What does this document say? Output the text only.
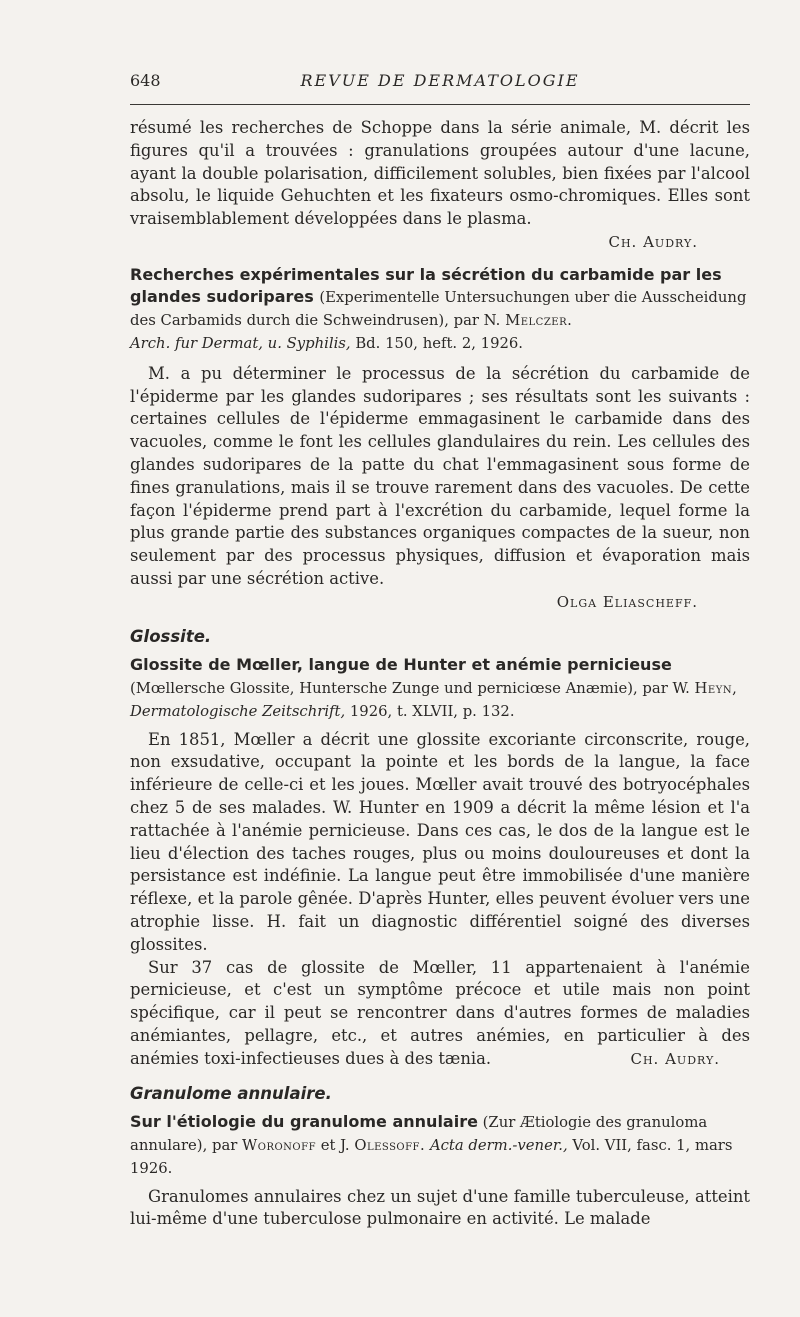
648	REVUE DE DERMATOLOGIE

résumé les recherches de Schoppe dans la série animale, M. décrit les figures qu'il a trouvées : granulations groupées autour d'une lacune, ayant la double polarisation, difficilement solubles, bien fixées par l'alcool absolu, le liquide Gehuchten et les fixateurs osmo-chromiques. Elles sont vraisemblablement développées dans le plasma.

Ch. Audry.

Recherches expérimentales sur la sécrétion du carbamide par les glandes sudoripares (Experimentelle Untersuchungen uber die Ausscheidung des Carbamids durch die Schweindrusen), par N. Melczer.
Arch. fur Dermat, u. Syphilis, Bd. 150, heft. 2, 1926.

M. a pu déterminer le processus de la sécrétion du carbamide de l'épiderme par les glandes sudoripares ; ses résultats sont les suivants : certaines cellules de l'épiderme emmagasinent le carbamide dans des vacuoles, comme le font les cellules glandulaires du rein. Les cellules des glandes sudoripares de la patte du chat l'emmagasinent sous forme de fines granulations, mais il se trouve rarement dans des vacuoles. De cette façon l'épiderme prend part à l'excrétion du carbamide, lequel forme la plus grande partie des substances organiques compactes de la sueur, non seulement par des processus physiques, diffusion et évaporation mais aussi par une sécrétion active.

Olga Eliascheff.

Glossite.
Glossite de Mœller, langue de Hunter et anémie pernicieuse (Mœllersche Glossite, Huntersche Zunge und perniciœse Anæmie), par W. Heyn,
Dermatologische Zeitschrift, 1926, t. XLVII, p. 132.

En 1851, Mœller a décrit une glossite excoriante circonscrite, rouge, non exsudative, occupant la pointe et les bords de la langue, la face inférieure de celle-ci et les joues. Mœller avait trouvé des botryocéphales chez 5 de ses malades. W. Hunter en 1909 a décrit la même lésion et l'a rattachée à l'anémie pernicieuse. Dans ces cas, le dos de la langue est le lieu d'élection des taches rouges, plus ou moins douloureuses et dont la persistance est indéfinie. La langue peut être immobilisée d'une manière réflexe, et la parole gênée. D'après Hunter, elles peuvent évoluer vers une atrophie lisse. H. fait un diagnostic différentiel soigné des diverses glossites.

Sur 37 cas de glossite de Mœller, 11 appartenaient à l'anémie pernicieuse, et c'est un symptôme précoce et utile mais non point spécifique, car il peut se rencontrer dans d'autres formes de maladies anémiantes, pellagre, etc., et autres anémies, en particulier à des anémies toxi-infectieuses dues à des tænia.	Ch. Audry.

Granulome annulaire.
Sur l'étiologie du granulome annulaire (Zur Ætiologie des granuloma annulare), par Woronoff et J. Olessoff. Acta derm.-vener., Vol. VII, fasc. 1, mars 1926.

Granulomes annulaires chez un sujet d'une famille tuberculeuse, atteint lui-même d'une tuberculose pulmonaire en activité. Le malade
